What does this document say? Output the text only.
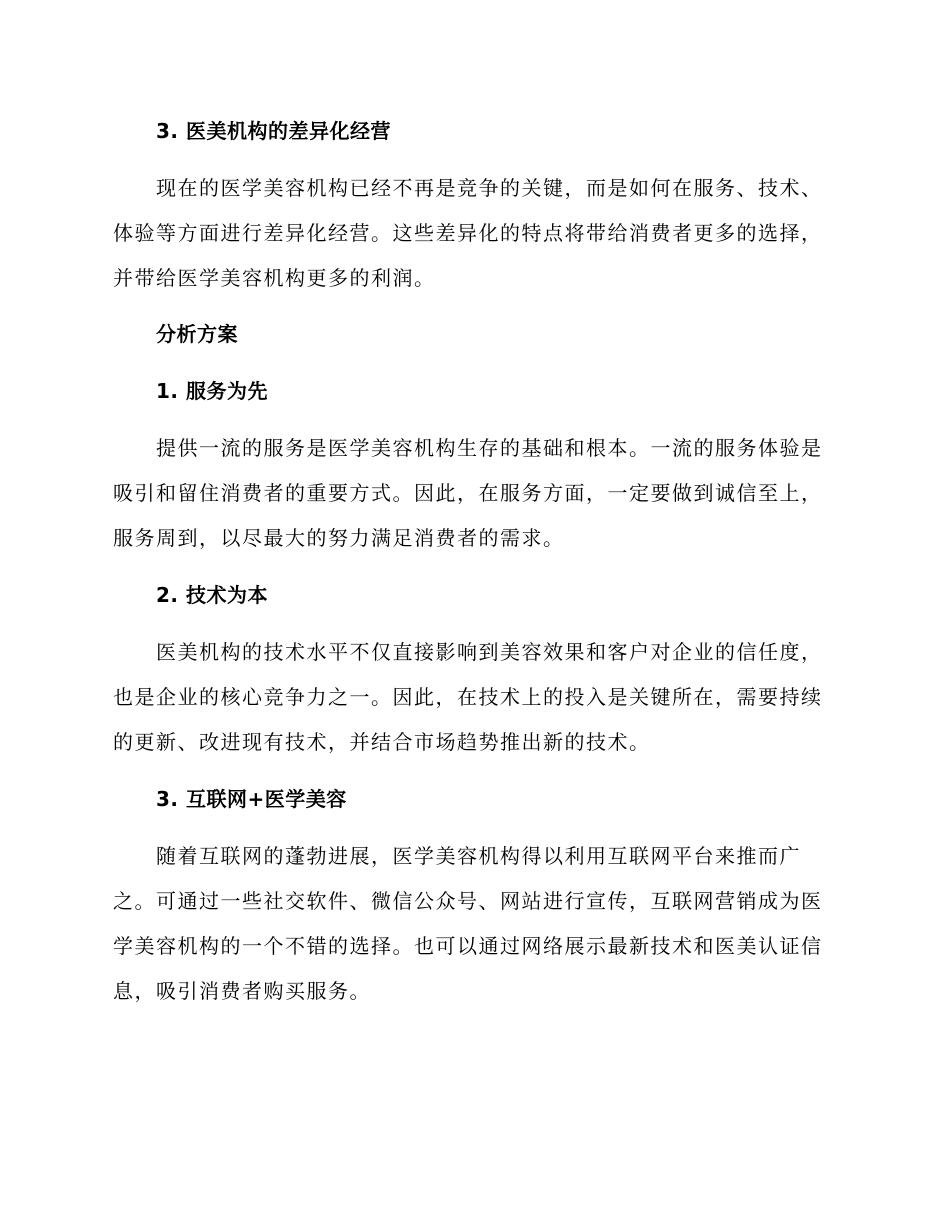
3. 医美机构的差异化经营
现在的医学美容机构已经不再是竞争的关键，而是如何在服务、技术、
体验等方面进行差异化经营。这些差异化的特点将带给消费者更多的选择，
并带给医学美容机构更多的利润。
分析方案
1. 服务为先
提供一流的服务是医学美容机构生存的基础和根本。一流的服务体验是
吸引和留住消费者的重要方式。因此，在服务方面，一定要做到诚信至上，
服务周到，以尽最大的努力满足消费者的需求。
2. 技术为本
医美机构的技术水平不仅直接影响到美容效果和客户对企业的信任度，
也是企业的核心竞争力之一。因此，在技术上的投入是关键所在，需要持续
的更新、改进现有技术，并结合市场趋势推出新的技术。
3. 互联网+医学美容
随着互联网的蓬勃进展，医学美容机构得以利用互联网平台来推而广
之。可通过一些社交软件、微信公众号、网站进行宣传，互联网营销成为医
学美容机构的一个不错的选择。也可以通过网络展示最新技术和医美认证信
息，吸引消费者购买服务。
